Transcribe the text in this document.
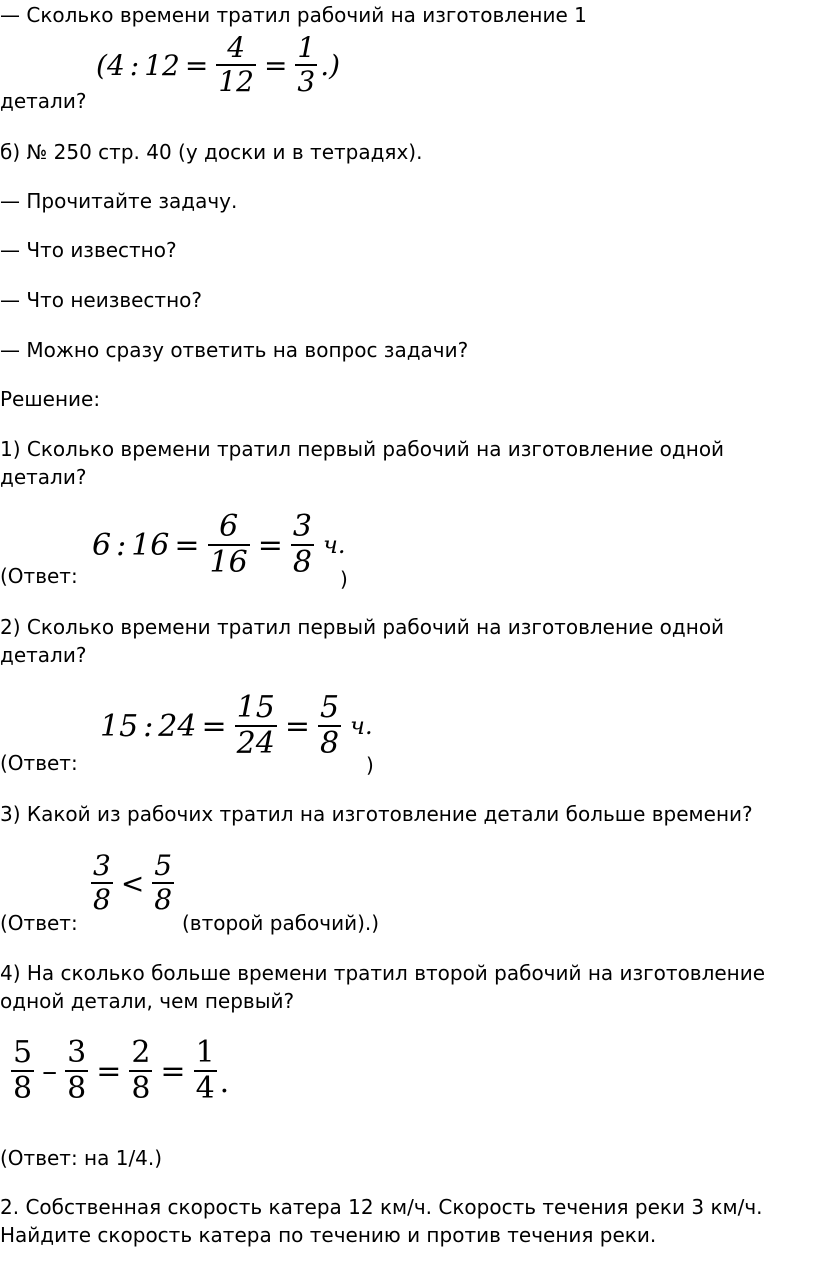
— Сколько времени тратил рабочий на изготовление 1

( 4 : 12 =
4
12 =
1
3 .)

детали?

б) № 250 стр. 40 (у доски и в тетрадях).

— Прочитайте задачу.

— Что известно?

— Что неизвестно?

— Можно сразу ответить на вопрос задачи?

Решение:

1) Сколько времени тратил первый рабочий на изготовление одной

детали?

(Ответ:

6 : 16 =
6
16 =
3
8 ч.

)

2) Сколько времени тратил первый рабочий на изготовление одной

детали?

(Ответ:

15 : 24 =
15
24 =
5
8 ч.

)

3) Какой из рабочих тратил на изготовление детали больше времени?

(Ответ:

3
8 <
5
8

(второй рабочий).)

4) На сколько больше времени тратил второй рабочий на изготовление

одной детали, чем первый?

5
8 –
3
8 =
2
8 =
1
4 .

(Ответ: на 1/4.)

2. Собственная скорость катера 12 км/ч. Скорость течения реки 3 км/ч.

Найдите скорость катера по течению и против течения реки.
